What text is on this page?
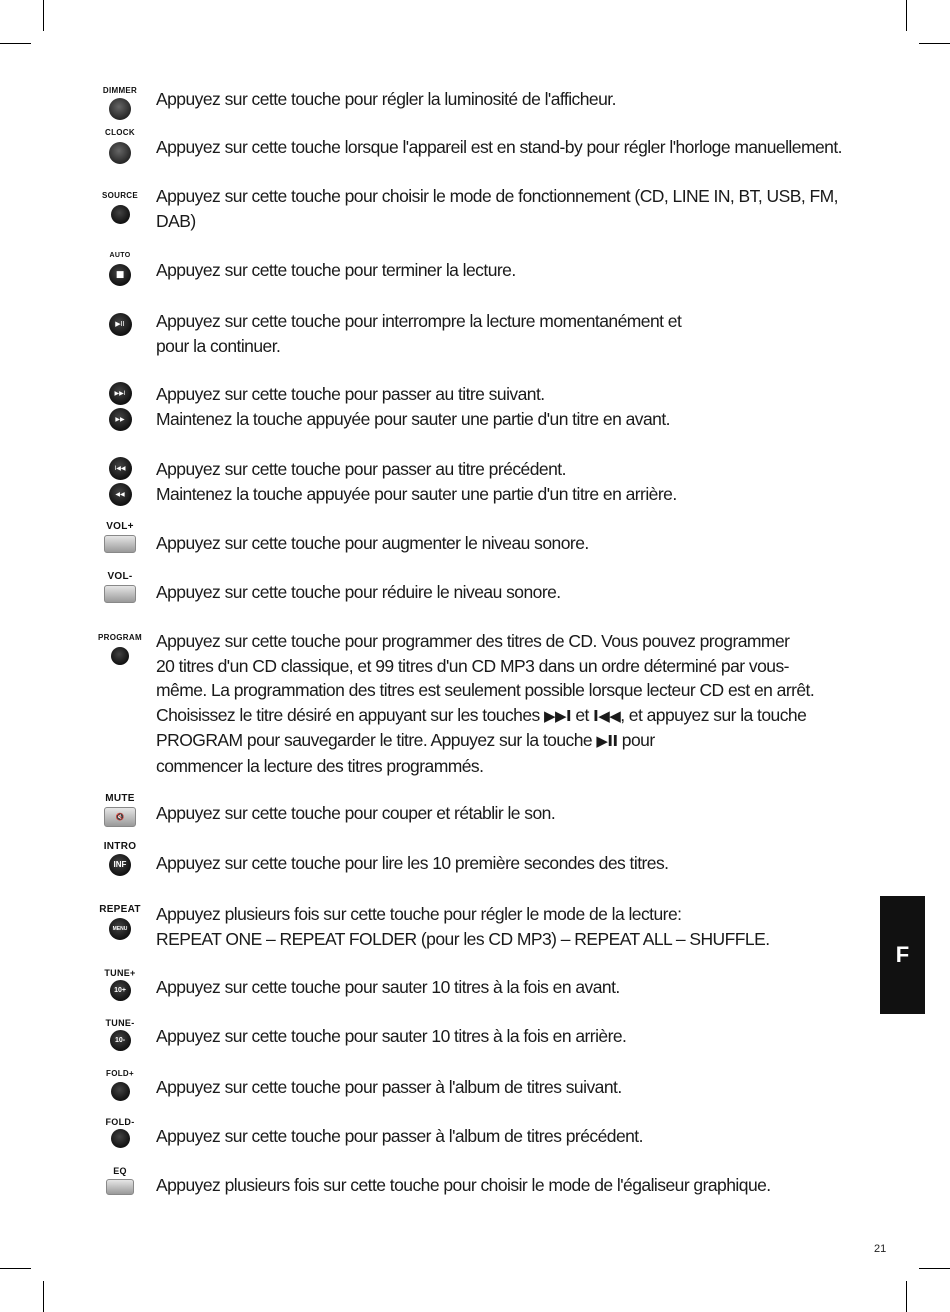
F
21
DIMMER Appuyez sur cette touche pour régler la luminosité de l'afficheur.
CLOCK
Appuyez sur cette touche lorsque l'appareil est en stand-by pour régler l'horloge manuellement.
SOURCE Appuyez sur cette touche pour choisir le mode de fonctionnement (CD, LINE IN, BT, USB, FM,
DAB)
AUTO
■ Appuyez sur cette touche pour terminer la lecture.
▶II Appuyez sur cette touche pour interrompre la lecture momentanément et
pour la continuer.
▶▶I
▶▶
Appuyez sur cette touche pour passer au titre suivant.
Maintenez la touche appuyée pour sauter une partie d'un titre en avant.
I◀◀
◀◀
Appuyez sur cette touche pour passer au titre précédent.
Maintenez la touche appuyée pour sauter une partie d'un titre en arrière.
VOL+
Appuyez sur cette touche pour augmenter le niveau sonore.
VOL-
Appuyez sur cette touche pour réduire le niveau sonore.
PROGRAM Appuyez sur cette touche pour programmer des titres de CD. Vous pouvez programmer
20 titres d'un CD classique, et 99 titres d'un CD MP3 dans un ordre déterminé par vous-
même. La programmation des titres est seulement possible lorsque lecteur CD est en arrêt.
Choisissez le titre désiré en appuyant sur les touches ▶▶I et I◀◀, et appuyez sur la touche
PROGRAM pour sauvegarder le titre. Appuyez sur la touche ▶II pour
commencer la lecture des titres programmés.
MUTE
🔇 Appuyez sur cette touche pour couper et rétablir le son.
INTRO
INF Appuyez sur cette touche pour lire les 10 première secondes des titres.
REPEAT
MENU
Appuyez plusieurs fois sur cette touche pour régler le mode de la lecture:
REPEAT ONE – REPEAT FOLDER (pour les CD MP3) – REPEAT ALL – SHUFFLE.
TUNE+
10+ Appuyez sur cette touche pour sauter 10 titres à la fois en avant.
TUNE-
10- Appuyez sur cette touche pour sauter 10 titres à la fois en arrière.
FOLD+
Appuyez sur cette touche pour passer à l'album de titres suivant.
FOLD-
Appuyez sur cette touche pour passer à l'album de titres précédent.
EQ
Appuyez plusieurs fois sur cette touche pour choisir le mode de l'égaliseur graphique.
